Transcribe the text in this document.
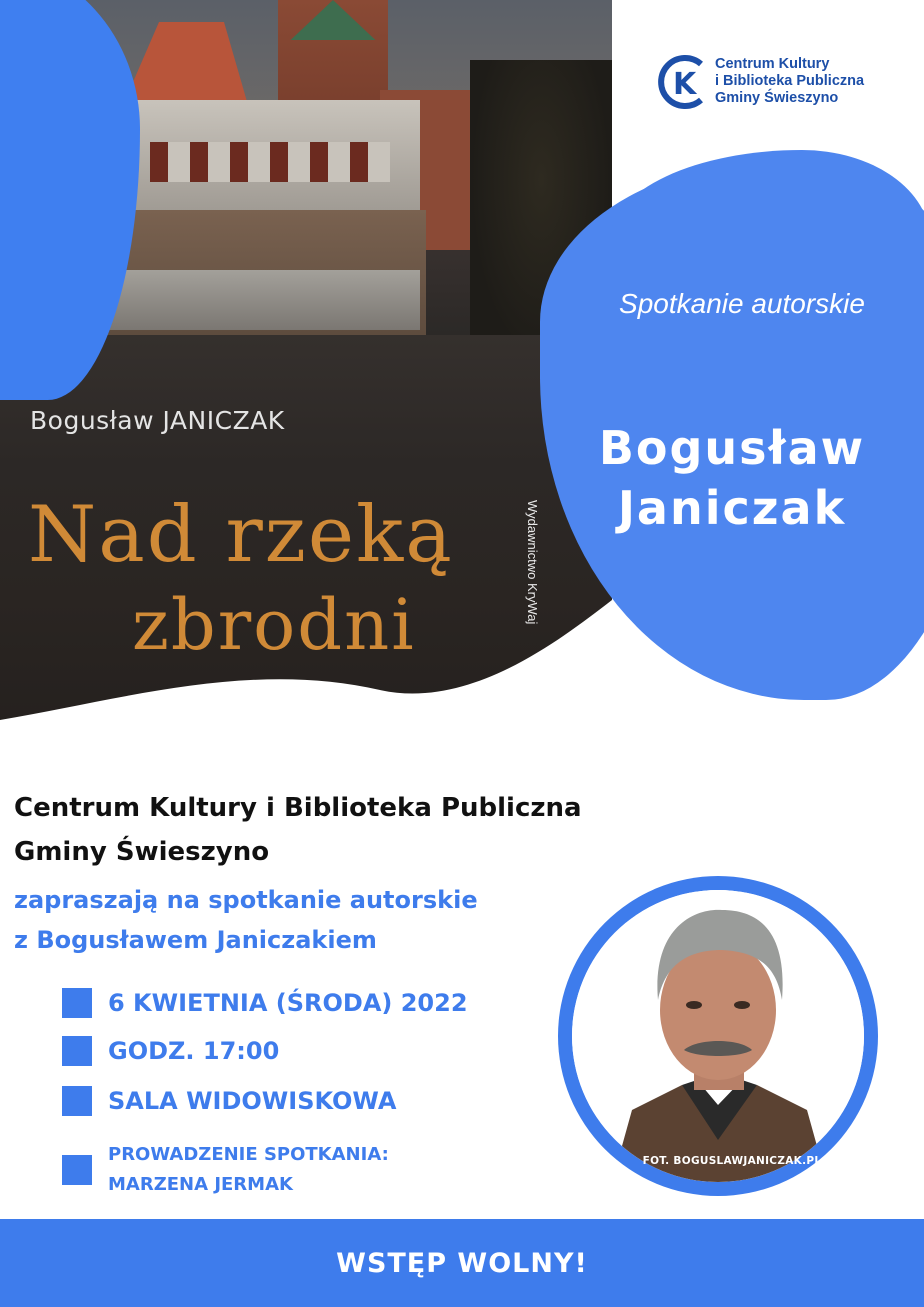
Bogusław JANICZAK
Nad rzeką
zbrodni
Wydawnictwo KryWaj
K
Centrum Kultury
i Biblioteka Publiczna
Gminy Świeszyno
Spotkanie autorskie
Bogusław
Janiczak
Centrum Kultury i Biblioteka Publiczna
Gminy Świeszyno
zapraszają na spotkanie autorskie
z Bogusławem Janiczakiem
6 KWIETNIA (ŚRODA) 2022
GODZ. 17:00
SALA WIDOWISKOWA
PROWADZENIE SPOTKANIA:
MARZENA JERMAK
FOT. BOGUSLAWJANICZAK.PL
WSTĘP WOLNY!
